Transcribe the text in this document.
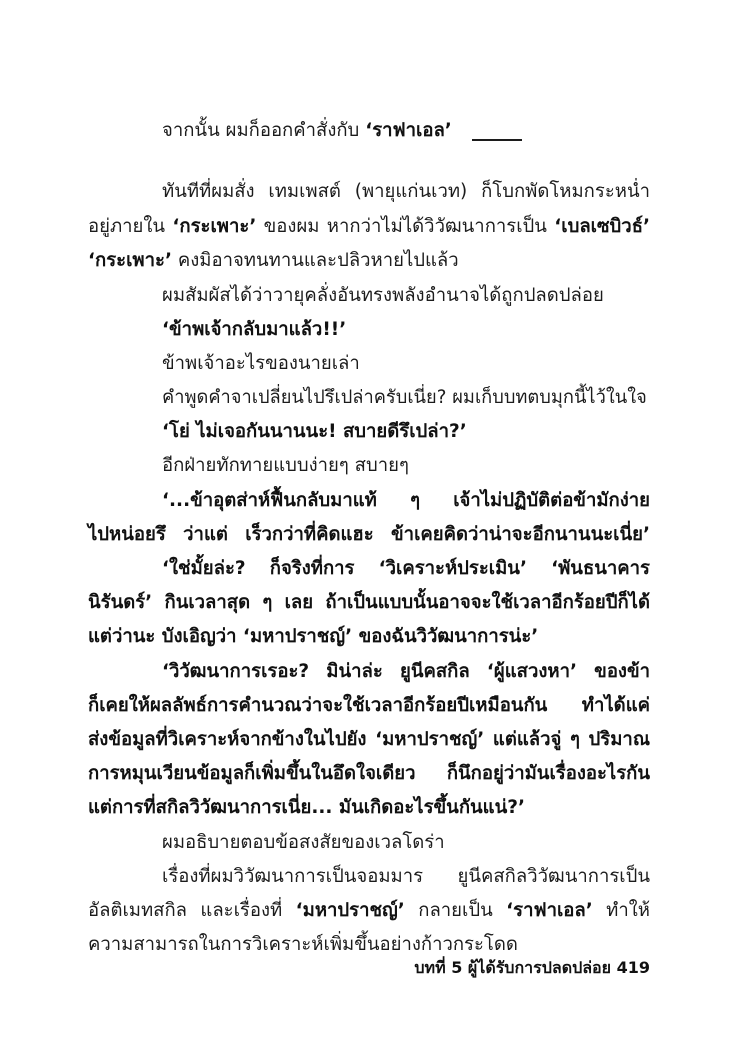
จากนั้น ผมก็ออกคำสั่งกับ ‘ราฟาเอล’
ทันทีที่ผมสั่ง เทมเพสต์ (พายุแก่นเวท) ก็โบกพัดโหมกระหน่ำ
อยู่ภายใน ‘กระเพาะ’ ของผม หากว่าไม่ได้วิวัฒนาการเป็น ‘เบลเซบิวธ์’
‘กระเพาะ’ คงมิอาจทนทานและปลิวหายไปแล้ว
ผมสัมผัสได้ว่าวายุคลั่งอันทรงพลังอำนาจได้ถูกปลดปล่อย
‘ข้าพเจ้ากลับมาแล้ว!!’
ข้าพเจ้าอะไรของนายเล่า
คำพูดคำจาเปลี่ยนไปรึเปล่าครับเนี่ย? ผมเก็บบทตบมุกนี้ไว้ในใจ
‘โย่ ไม่เจอกันนานนะ! สบายดีรึเปล่า?’
อีกฝ่ายทักทายแบบง่ายๆ สบายๆ
‘...ข้าอุตส่าห์ฟื้นกลับมาแท้ ๆ เจ้าไม่ปฏิบัติต่อข้ามักง่าย
ไปหน่อยรึ ว่าแต่ เร็วกว่าที่คิดแฮะ ข้าเคยคิดว่าน่าจะอีกนานนะเนี่ย’
‘ใช่มั้ยล่ะ? ก็จริงที่การ ‘วิเคราะห์ประเมิน’ ‘พันธนาคาร
นิรันดร์’ กินเวลาสุด ๆ เลย ถ้าเป็นแบบนั้นอาจจะใช้เวลาอีกร้อยปีก็ได้
แต่ว่านะ บังเอิญว่า ‘มหาปราชญ์’ ของฉันวิวัฒนาการน่ะ’
‘วิวัฒนาการเรอะ? มิน่าล่ะ ยูนีคสกิล ‘ผู้แสวงหา’ ของข้า
ก็เคยให้ผลลัพธ์การคำนวณว่าจะใช้เวลาอีกร้อยปีเหมือนกัน ทำได้แค่
ส่งข้อมูลที่วิเคราะห์จากข้างในไปยัง ‘มหาปราชญ์’ แต่แล้วจู่ ๆ ปริมาณ
การหมุนเวียนข้อมูลก็เพิ่มขึ้นในอึดใจเดียว ก็นึกอยู่ว่ามันเรื่องอะไรกัน
แต่การที่สกิลวิวัฒนาการเนี่ย... มันเกิดอะไรขึ้นกันแน่?’
ผมอธิบายตอบข้อสงสัยของเวลโดร่า
เรื่องที่ผมวิวัฒนาการเป็นจอมมาร ยูนีคสกิลวิวัฒนาการเป็น
อัลติเมทสกิล และเรื่องที่ ‘มหาปราชญ์’ กลายเป็น ‘ราฟาเอล’ ทำให้
ความสามารถในการวิเคราะห์เพิ่มขึ้นอย่างก้าวกระโดด
บทที่ 5 ผู้ได้รับการปลดปล่อย 419
